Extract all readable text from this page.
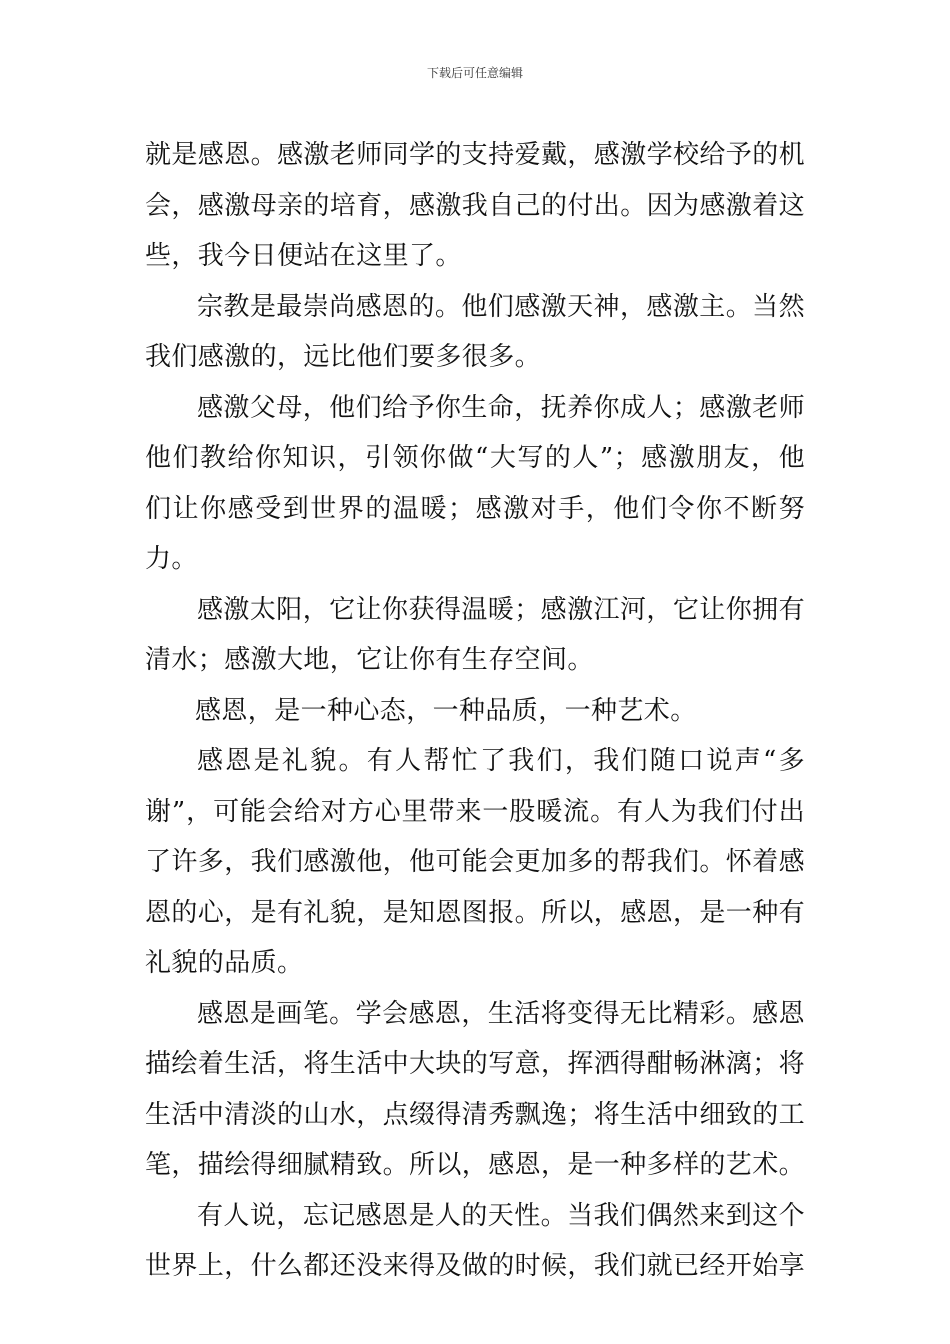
下载后可任意编辑

就是感恩。感激老师同学的支持爱戴，感激学校给予的机会，感激母亲的培育，感激我自己的付出。因为感激着这些，我今日便站在这里了。

宗教是最崇尚感恩的。他们感激天神，感激主。当然我们感激的，远比他们要多很多。

感激父母，他们给予你生命，抚养你成人；感激老师他们教给你知识，引领你做“大写的人”；感激朋友，他们让你感受到世界的温暖；感激对手，他们令你不断努力。

感激太阳，它让你获得温暖；感激江河，它让你拥有清水；感激大地，它让你有生存空间。

感恩，是一种心态，一种品质，一种艺术。

感恩是礼貌。有人帮忙了我们，我们随口说声“多谢”，可能会给对方心里带来一股暖流。有人为我们付出了许多，我们感激他，他可能会更加多的帮我们。怀着感恩的心，是有礼貌，是知恩图报。所以，感恩，是一种有礼貌的品质。

感恩是画笔。学会感恩，生活将变得无比精彩。感恩描绘着生活，将生活中大块的写意，挥洒得酣畅淋漓；将生活中清淡的山水，点缀得清秀飘逸；将生活中细致的工笔，描绘得细腻精致。所以，感恩，是一种多样的艺术。

有人说，忘记感恩是人的天性。当我们偶然来到这个世界上，什么都还没来得及做的时候，我们就已经开始享
